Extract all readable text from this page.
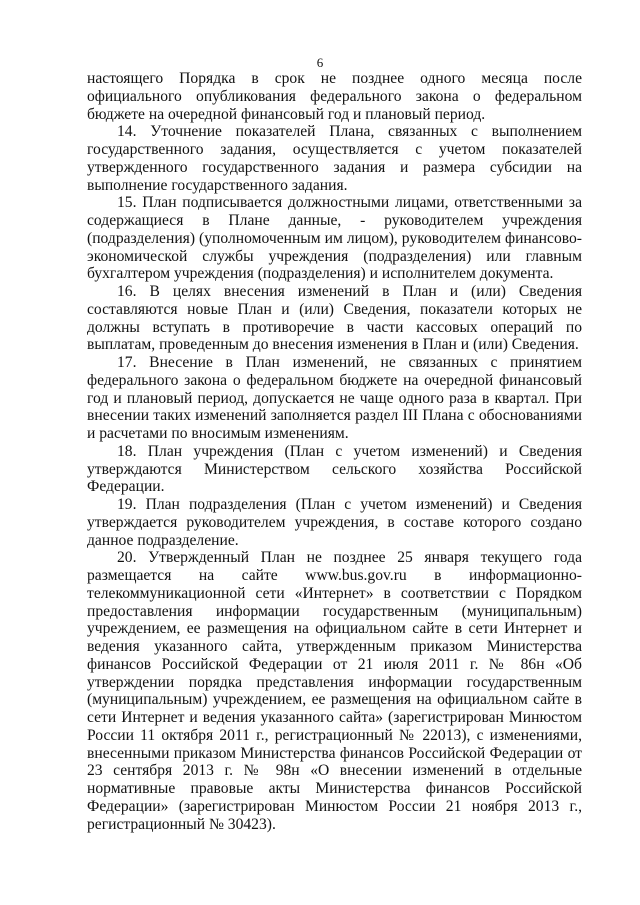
6

настоящего Порядка в срок не позднее одного месяца после официального опубликования федерального закона о федеральном бюджете на очередной финансовый год и плановый период.

14. Уточнение показателей Плана, связанных с выполнением государственного задания, осуществляется с учетом показателей утвержденного государственного задания и размера субсидии на выполнение государственного задания.

15. План подписывается должностными лицами, ответственными за содержащиеся в Плане данные, - руководителем учреждения (подразделения) (уполномоченным им лицом), руководителем финансово-экономической службы учреждения (подразделения) или главным бухгалтером учреждения (подразделения) и исполнителем документа.

16. В целях внесения изменений в План и (или) Сведения составляются новые План и (или) Сведения, показатели которых не должны вступать в противоречие в части кассовых операций по выплатам, проведенным до внесения изменения в План и (или) Сведения.

17. Внесение в План изменений, не связанных с принятием федерального закона о федеральном бюджете на очередной финансовый год и плановый период, допускается не чаще одного раза в квартал. При внесении таких изменений заполняется раздел III Плана с обоснованиями и расчетами по вносимым изменениям.

18. План учреждения (План с учетом изменений) и Сведения утверждаются Министерством сельского хозяйства Российской Федерации.

19. План подразделения (План с учетом изменений) и Сведения утверждается руководителем учреждения, в составе которого создано данное подразделение.

20. Утвержденный План не позднее 25 января текущего года размещается на сайте www.bus.gov.ru в информационно-телекоммуникационной сети «Интернет» в соответствии с Порядком предоставления информации государственным (муниципальным) учреждением, ее размещения на официальном сайте в сети Интернет и ведения указанного сайта, утвержденным приказом Министерства финансов Российской Федерации от 21 июля 2011 г. № 86н «Об утверждении порядка представления информации государственным (муниципальным) учреждением, ее размещения на официальном сайте в сети Интернет и ведения указанного сайта» (зарегистрирован Минюстом России 11 октября 2011 г., регистрационный № 22013), с изменениями, внесенными приказом Министерства финансов Российской Федерации от 23 сентября 2013 г. № 98н «О внесении изменений в отдельные нормативные правовые акты Министерства финансов Российской Федерации» (зарегистрирован Минюстом России 21 ноября 2013 г., регистрационный № 30423).
